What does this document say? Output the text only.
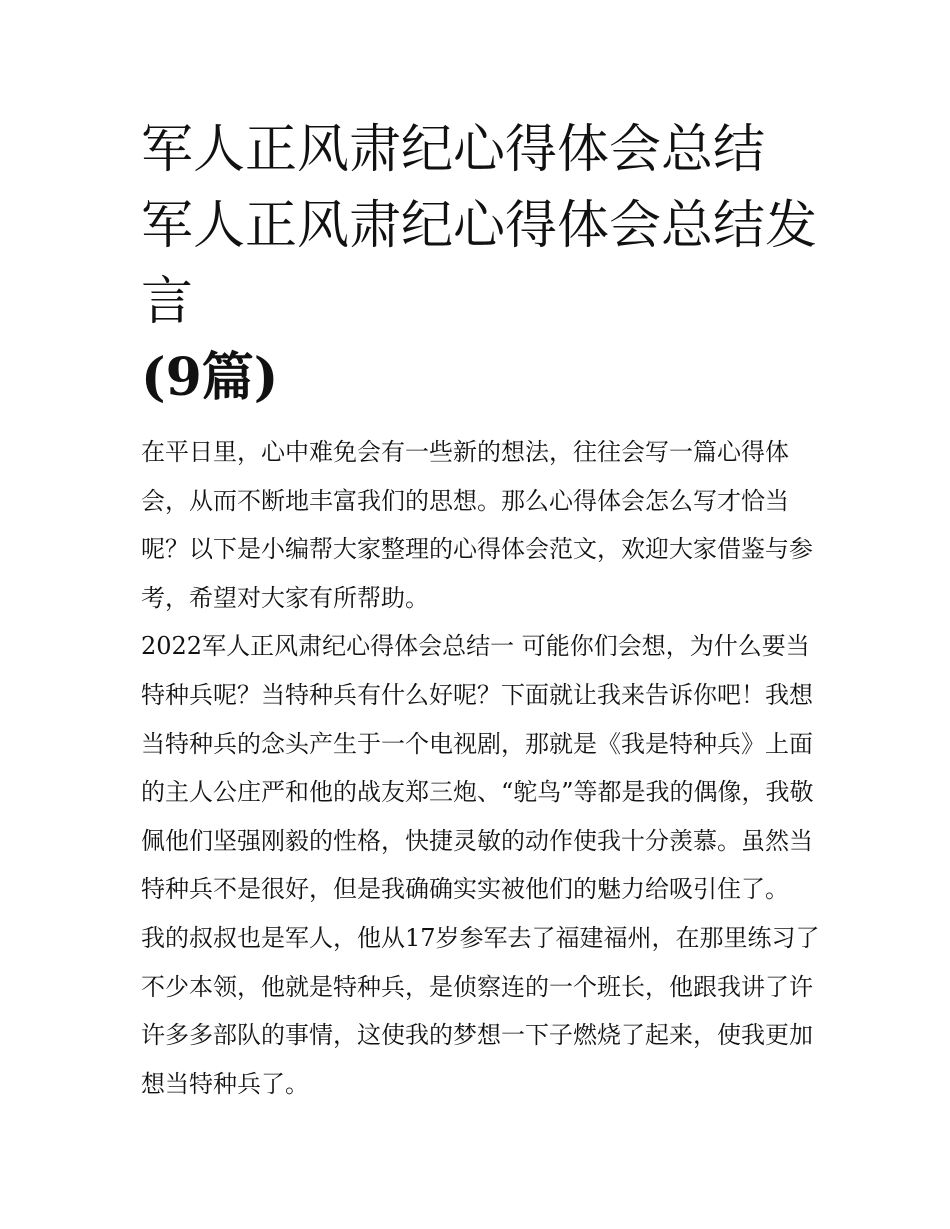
军人正风肃纪心得体会总结 军人正风肃纪心得体会总结发言
(9篇)

在平日里，心中难免会有一些新的想法，往往会写一篇心得体会，从而不断地丰富我们的思想。那么心得体会怎么写才恰当呢？以下是小编帮大家整理的心得体会范文，欢迎大家借鉴与参考，希望对大家有所帮助。

2022军人正风肃纪心得体会总结一 可能你们会想，为什么要当特种兵呢？当特种兵有什么好呢？下面就让我来告诉你吧！我想当特种兵的念头产生于一个电视剧，那就是《我是特种兵》上面的主人公庄严和他的战友郑三炮、“鸵鸟”等都是我的偶像，我敬佩他们坚强刚毅的性格，快捷灵敏的动作使我十分羡慕。虽然当特种兵不是很好，但是我确确实实被他们的魅力给吸引住了。

我的叔叔也是军人，他从17岁参军去了福建福州，在那里练习了不少本领，他就是特种兵，是侦察连的一个班长，他跟我讲了许许多多部队的事情，这使我的梦想一下子燃烧了起来，使我更加想当特种兵了。
